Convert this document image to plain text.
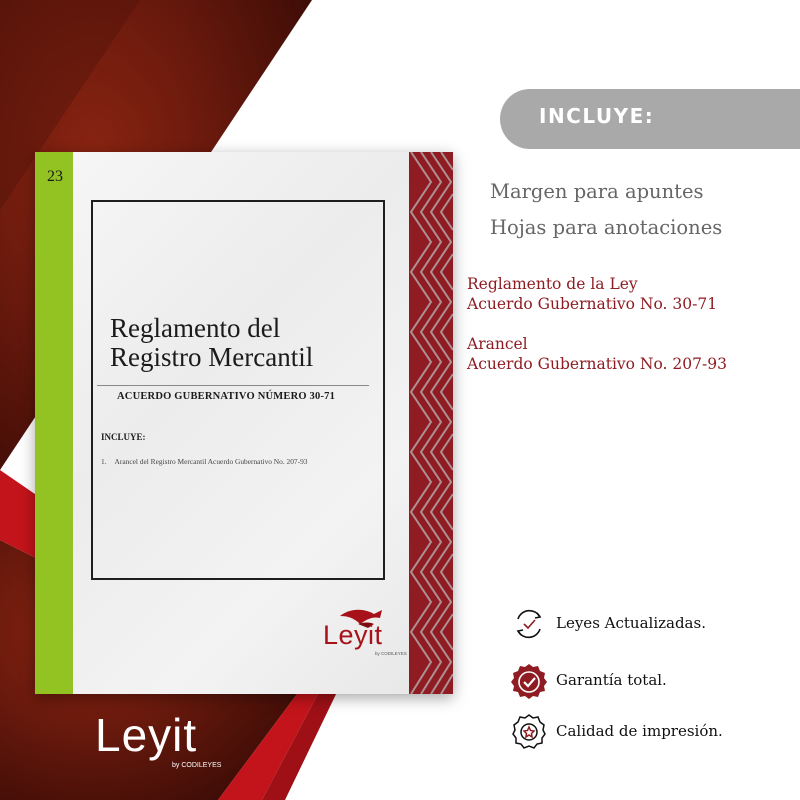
23
Reglamento del
Registro Mercantil
ACUERDO GUBERNATIVO NÚMERO 30-71
INCLUYE:
1. Arancel del Registro Mercantil Acuerdo Gubernativo No. 207-93
Leyit
by CODILEYES
Leyit
by CODILEYES
INCLUYE:
Margen para apuntes
Hojas para anotaciones
Reglamento de la Ley
Acuerdo Gubernativo No. 30-71
Arancel
Acuerdo Gubernativo No. 207-93
Leyes Actualizadas.
Garantía total.
Calidad de impresión.
